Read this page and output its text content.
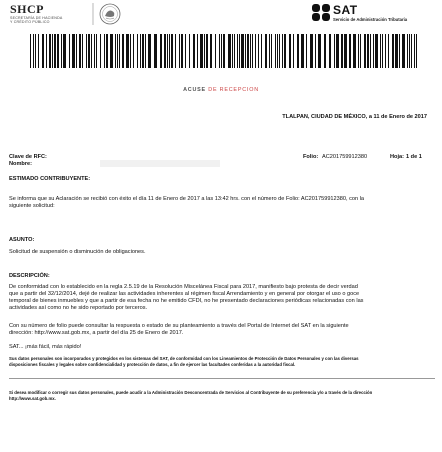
SHCP
SECRETARÍA DE HACIENDA
Y CRÉDITO PÚBLICO
SAT
Servicio de Administración Tributaria
ACUSE DE RECEPCION
TLALPAN, CIUDAD DE MÉXICO, a 11 de Enero de 2017
Clave de RFC:
Nombre:
Folio: AC201759912380	Hoja: 1 de 1
ESTIMADO CONTRIBUYENTE:
Se informa que su Aclaración se recibió con éxito el día 11 de Enero de 2017 a las 13:42 hrs. con el número de Folio: AC201759912380, con la
siguiente solicitud:
ASUNTO:
Solicitud de suspensión o disminución de obligaciones.
DESCRIPCIÓN:
De conformidad con lo establecido en la regla 2.5.19 de la Resolución Miscelánea Fiscal para 2017, manifiesto bajo protesta de decir verdad
que a partir del 32/12/2014, dejé de realizar las actividades inherentes al régimen fiscal Arrendamiento y en general por otorgar el uso o goce
temporal de bienes inmuebles y que a partir de esa fecha no he emitido CFDI, no he presentado declaraciones periódicas relacionadas con las
actividades así como no he sido reportado por terceros.
Con su número de folio puede consultar la respuesta o estado de su planteamiento a través del Portal de Internet del SAT en la siguiente
dirección: http://www.sat.gob.mx, a partir del día 25 de Enero de 2017.
SAT... ¡más fácil, más rápido!
Sus datos personales son incorporados y protegidos en los sistemas del SAT, de conformidad con los Lineamientos de Protección de Datos Personales y con las diversas
disposiciones fiscales y legales sobre confidencialidad y protección de datos, a fin de ejercer las facultades conferidas a la autoridad fiscal.
Si desea modificar o corregir sus datos personales, puede acudir a la Administración Desconcentrada de Servicios al Contribuyente de su preferencia y/o a través de la dirección
http://www.sat.gob.mx.
